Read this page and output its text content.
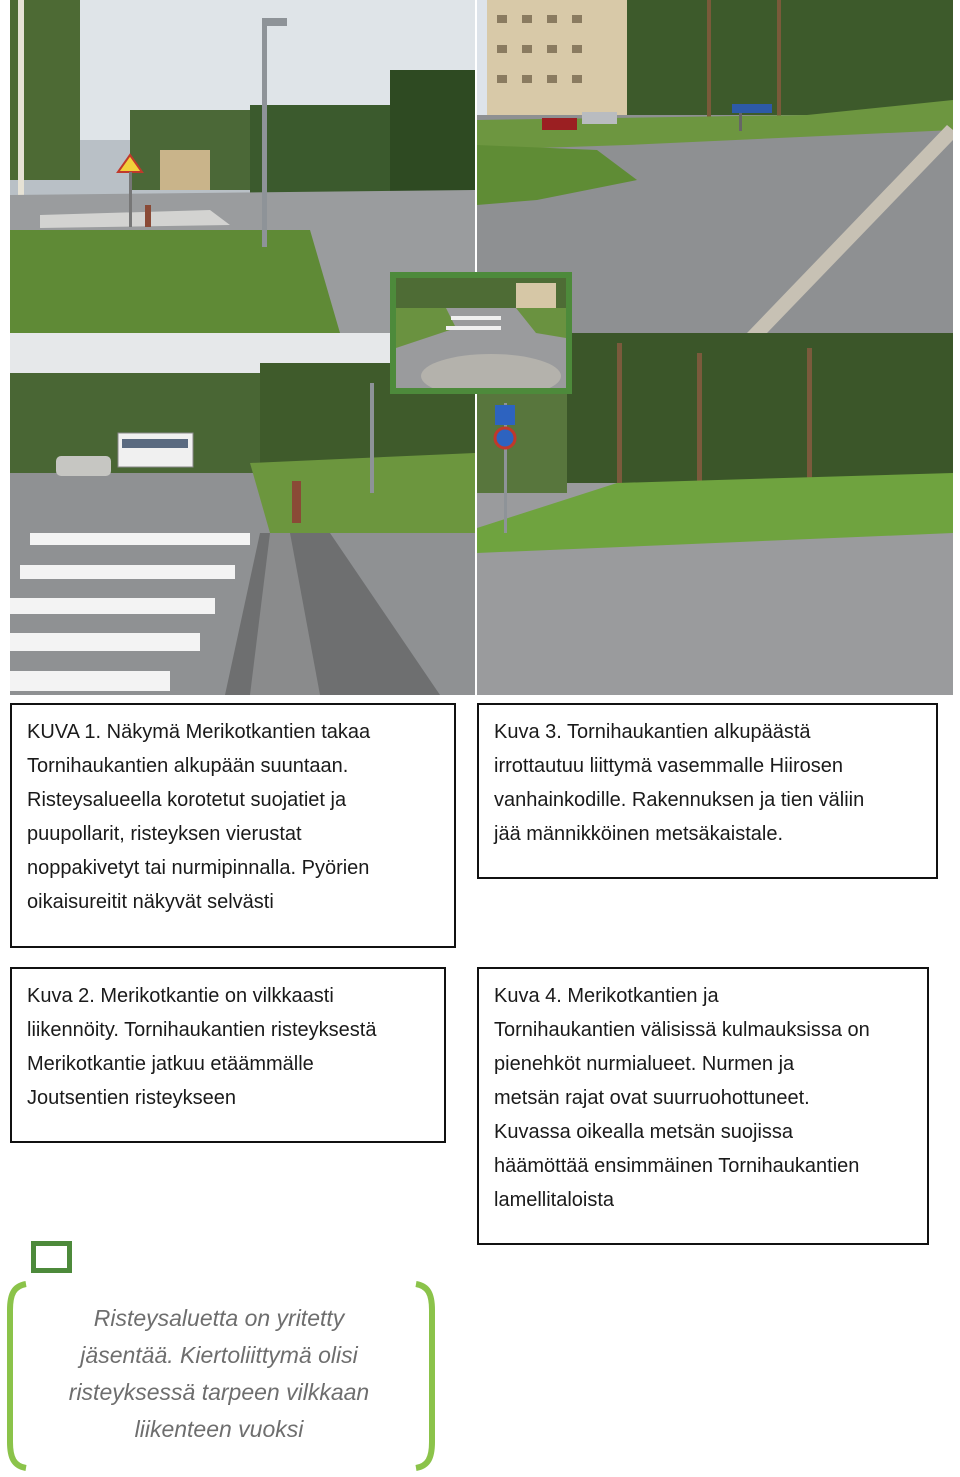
KUVA 1. Näkymä Merikotkantien takaa
Tornihaukantien alkupään suuntaan.
Risteysalueella korotetut suojatiet ja
puupollarit, risteyksen vierustat
noppakivetyt tai nurmipinnalla. Pyörien
oikaisureitit näkyvät selvästi
Kuva 3. Tornihaukantien alkupäästä
irrottautuu liittymä vasemmalle Hiirosen
vanhainkodille. Rakennuksen ja tien väliin
jää männikköinen metsäkaistale.
Kuva 2. Merikotkantie on vilkkaasti
liikennöity. Tornihaukantien risteyksestä
Merikotkantie jatkuu etäämmälle
Joutsentien risteykseen
Kuva 4. Merikotkantien ja
Tornihaukantien välisissä kulmauksissa on
pienehköt nurmialueet. Nurmen ja
metsän rajat ovat suurruohottuneet.
Kuvassa oikealla metsän suojissa
häämöttää ensimmäinen Tornihaukantien
lamellitaloista
Risteysaluetta on yritetty
jäsentää. Kiertoliittymä olisi
risteyksessä tarpeen vilkkaan
liikenteen vuoksi
